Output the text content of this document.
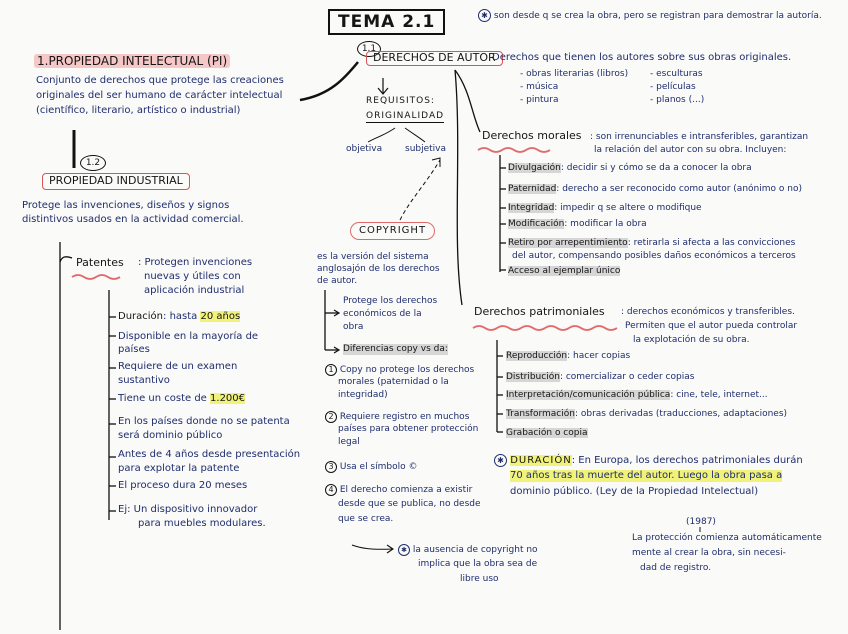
TEMA 2.1	✱ son desde q se crea la obra, pero se registran para demostrar la autoría.
1.PROPIEDAD INTELECTUAL (PI)
Conjunto de derechos que protege las creaciones
originales del ser humano de carácter intelectual
(científico, literario, artístico o industrial)
1.2
PROPIEDAD INDUSTRIAL
Protege las invenciones, diseños y signos
distintivos usados en la actividad comercial.
Patentes : Protegen invenciones
nuevas y útiles con
aplicación industrial
Duración: hasta 20 años
Disponible en la mayoría de
países
Requiere de un examen
sustantivo
Tiene un coste de 1.200€
En los países donde no se patenta
será dominio público
Antes de 4 años desde presentación
para explotar la patente
El proceso dura 20 meses
Ej: Un dispositivo innovador
para muebles modulares.
1.1
DERECHOS DE AUTOR
Derechos que tienen los autores sobre sus obras originales.
- obras literarias (libros)
- música
- pintura
- esculturas
- películas
- planos (...)
REQUISITOS:
ORIGINALIDAD
objetiva	subjetiva
COPYRIGHT
es la versión del sistema
anglosajón de los derechos
de autor.
Protege los derechos
económicos de la
obra
Diferencias copy vs da:
1 Copy no protege los derechos
morales (paternidad o la
integridad)
2 Requiere registro en muchos
países para obtener protección
legal
3 Usa el símbolo ©
4 El derecho comienza a existir
desde que se publica, no desde
que se crea.
✱ la ausencia de copyright no
implica que la obra sea de
libre uso
Derechos morales : son irrenunciables e intransferibles, garantizan
la relación del autor con su obra. Incluyen:
Divulgación: decidir si y cómo se da a conocer la obra
Paternidad: derecho a ser reconocido como autor (anónimo o no)
Integridad: impedir q se altere o modifique
Modificación: modificar la obra
Retiro por arrepentimiento: retirarla si afecta a las convicciones
del autor, compensando posibles daños económicos a terceros
Acceso al ejemplar único
Derechos patrimoniales : derechos económicos y transferibles.
Permiten que el autor pueda controlar
la explotación de su obra.
Reproducción: hacer copias
Distribución: comercializar o ceder copias
Interpretación/comunicación pública: cine, tele, internet...
Transformación: obras derivadas (traducciones, adaptaciones)
Grabación o copia
✱ DURACIÓN: En Europa, los derechos patrimoniales durán
70 años tras la muerte del autor. Luego la obra pasa a
dominio público. (Ley de la Propiedad Intelectual)
(1987)
La protección comienza automáticamente
mente al crear la obra, sin necesi-
dad de registro.
